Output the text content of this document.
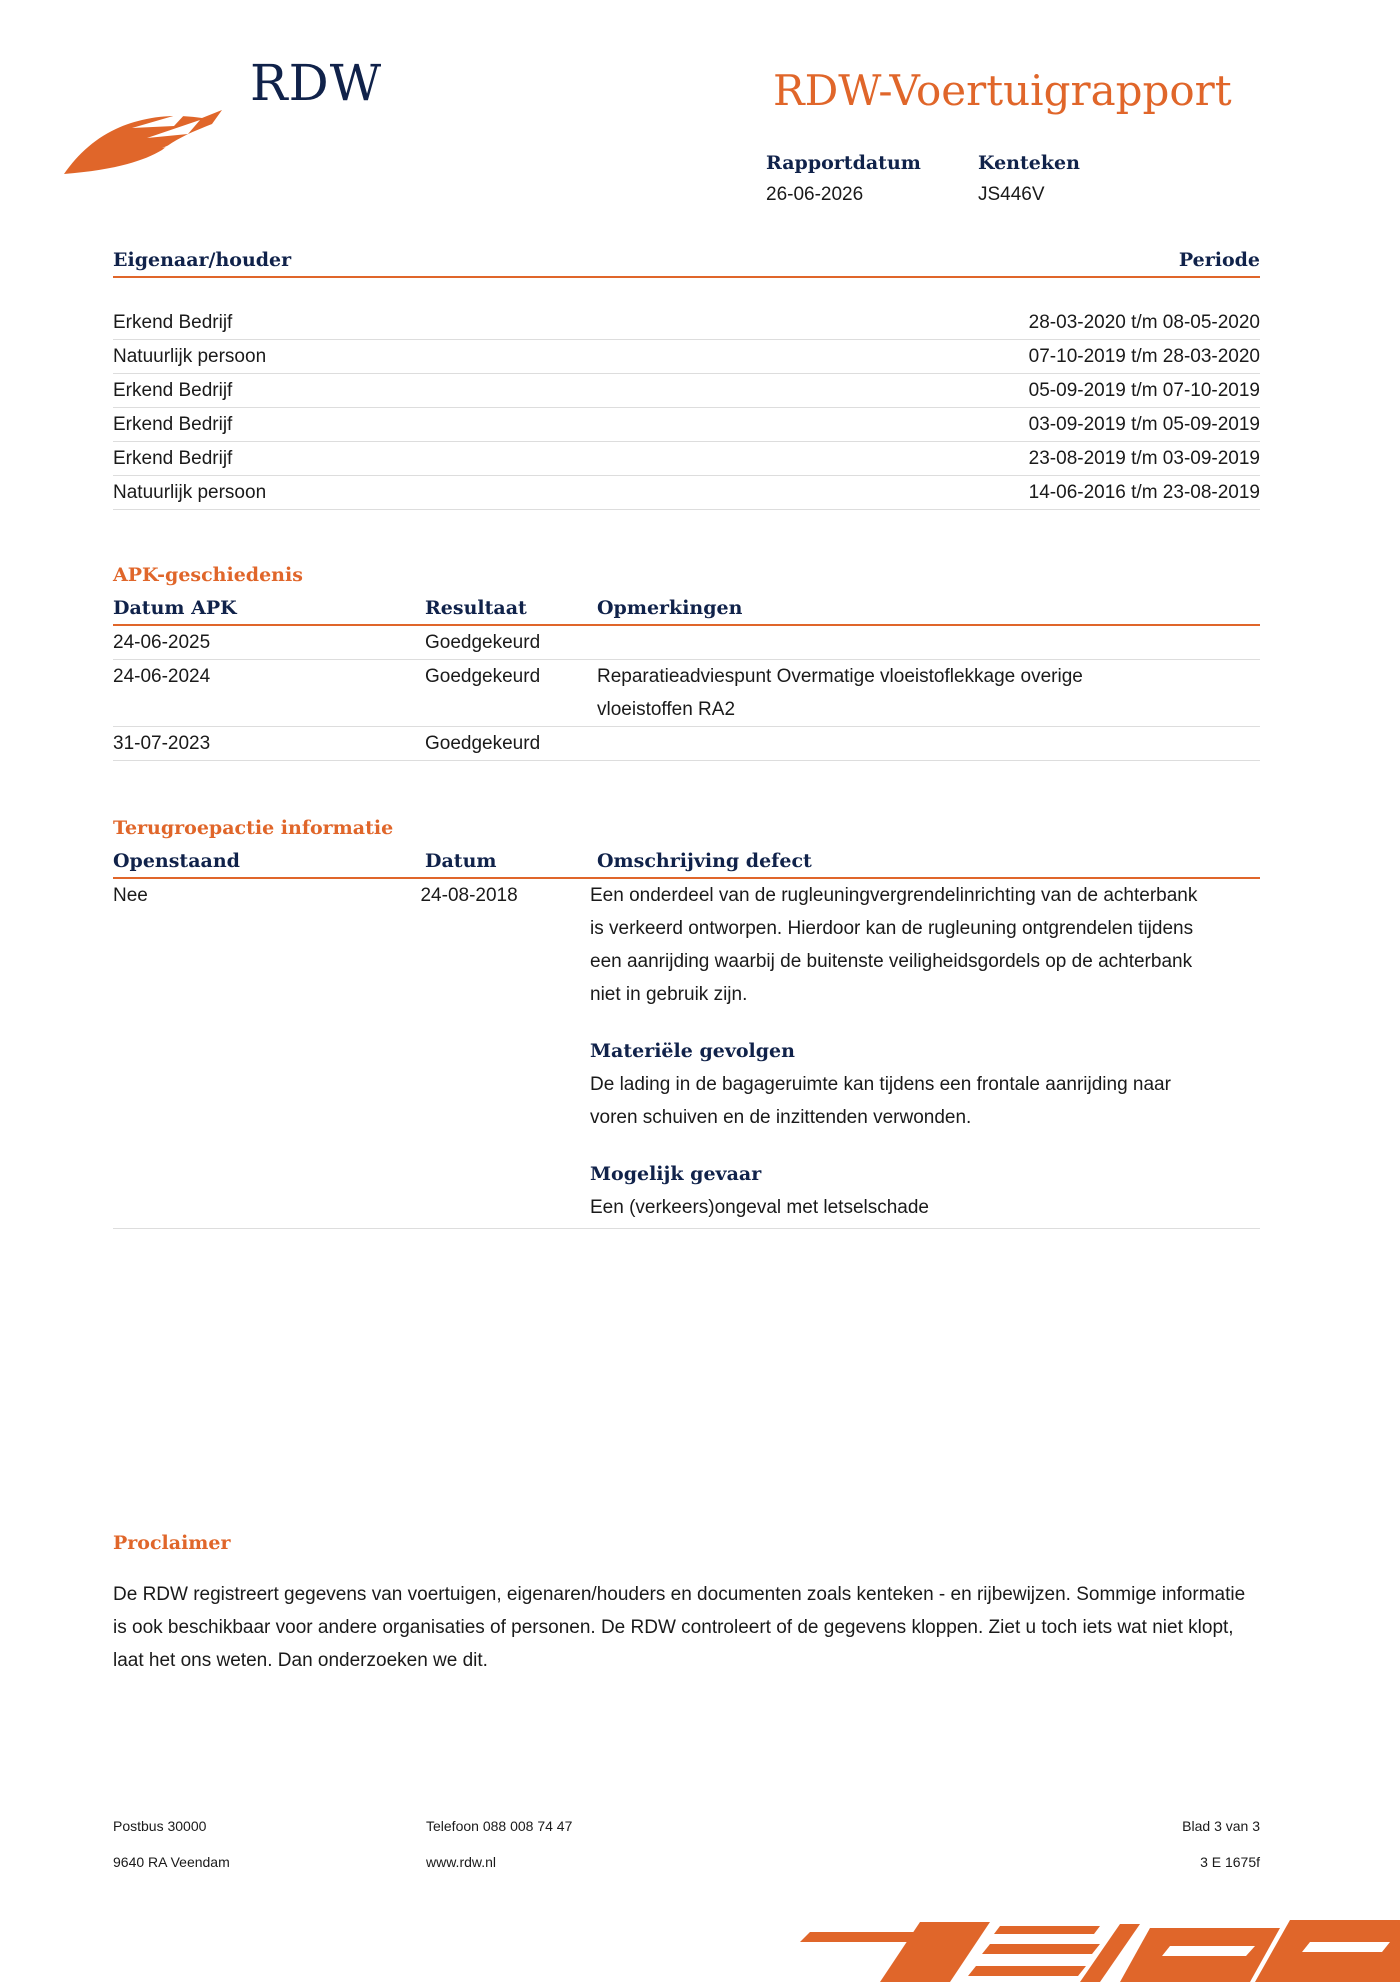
RDW	RDW-Voertuigrapport
Rapportdatum
26-06-2026
Kenteken
JS446V
Eigenaar/houder	Periode
Erkend Bedrijf	28-03-2020 t/m 08-05-2020
Natuurlijk persoon	07-10-2019 t/m 28-03-2020
Erkend Bedrijf	05-09-2019 t/m 07-10-2019
Erkend Bedrijf	03-09-2019 t/m 05-09-2019
Erkend Bedrijf	23-08-2019 t/m 03-09-2019
Natuurlijk persoon	14-06-2016 t/m 23-08-2019
APK-geschiedenis
Datum APK	Resultaat	Opmerkingen
24-06-2025	Goedgekeurd
24-06-2024	Goedgekeurd	Reparatieadviespunt Overmatige vloeistoflekkage overige vloeistoffen RA2
31-07-2023	Goedgekeurd
Terugroepactie informatie
Openstaand	Datum	Omschrijving defect
Nee	24-08-2018	Een onderdeel van de rugleuningvergrendelinrichting van de achterbank is verkeerd ontworpen. Hierdoor kan de rugleuning ontgrendelen tijdens een aanrijding waarbij de buitenste veiligheidsgordels op de achterbank niet in gebruik zijn.
Materiële gevolgen
De lading in de bagageruimte kan tijdens een frontale aanrijding naar voren schuiven en de inzittenden verwonden.
Mogelijk gevaar
Een (verkeers)ongeval met letselschade
Proclaimer
De RDW registreert gegevens van voertuigen, eigenaren/houders en documenten zoals kenteken - en rijbewijzen. Sommige informatie is ook beschikbaar voor andere organisaties of personen. De RDW controleert of de gegevens kloppen. Ziet u toch iets wat niet klopt, laat het ons weten. Dan onderzoeken we dit.
Postbus 30000
9640 RA Veendam
Telefoon 088 008 74 47
www.rdw.nl
Blad 3 van 3
3 E 1675f
